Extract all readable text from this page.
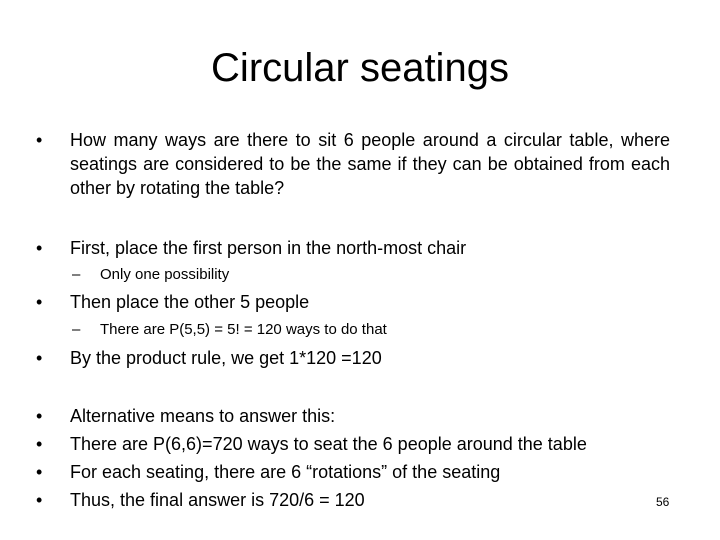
Circular seatings
•	How many ways are there to sit 6 people around a circular table, where seatings are considered to be the same if they can be obtained from each other by rotating the table?
•	First, place the first person in the north-most chair
–	Only one possibility
•	Then place the other 5 people
–	There are P(5,5) = 5! = 120 ways to do that
•	By the product rule, we get 1*120 =120
•	Alternative means to answer this:
•	There are P(6,6)=720 ways to seat the 6 people around the table
•	For each seating, there are 6 “rotations” of the seating
•	Thus, the final answer is 720/6 = 120	56
